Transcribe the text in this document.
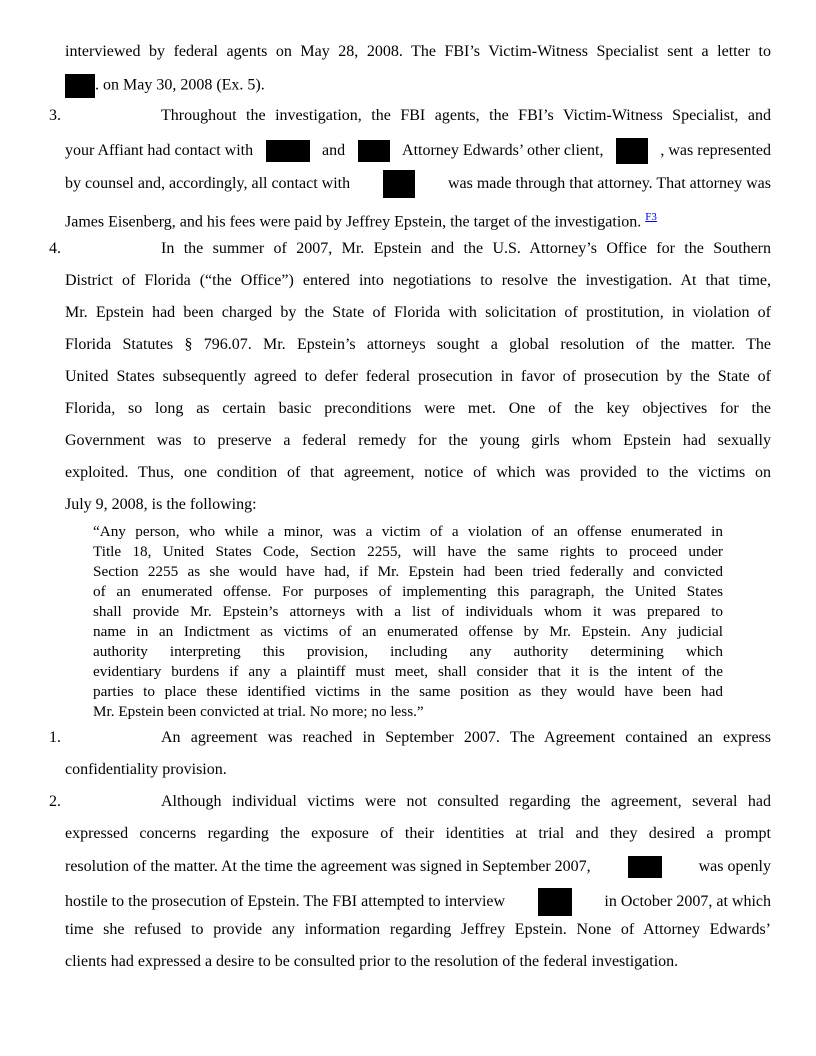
interviewed by federal agents on May 28, 2008. The FBI’s Victim-Witness Specialist sent a letter to
. on May 30, 2008 (Ex. 5).
3.	Throughout the investigation, the FBI agents, the FBI’s Victim-Witness Specialist, and
your Affiant had contact with	and	Attorney Edwards’ other client,	, was represented
by counsel and, accordingly, all contact with	was made through that attorney. That attorney was
James Eisenberg, and his fees were paid by Jeffrey Epstein, the target of the investigation. $^{F3}$
4.	In the summer of 2007, Mr. Epstein and the U.S. Attorney’s Office for the Southern
District of Florida (“the Office”) entered into negotiations to resolve the investigation. At that time,
Mr. Epstein had been charged by the State of Florida with solicitation of prostitution, in violation of
Florida Statutes § 796.07. Mr. Epstein’s attorneys sought a global resolution of the matter. The
United States subsequently agreed to defer federal prosecution in favor of prosecution by the State of
Florida, so long as certain basic preconditions were met. One of the key objectives for the
Government was to preserve a federal remedy for the young girls whom Epstein had sexually
exploited. Thus, one condition of that agreement, notice of which was provided to the victims on
July 9, 2008, is the following:
“Any person, who while a minor, was a victim of a violation of an offense enumerated in
Title 18, United States Code, Section 2255, will have the same rights to proceed under
Section 2255 as she would have had, if Mr. Epstein had been tried federally and convicted
of an enumerated offense. For purposes of implementing this paragraph, the United States
shall provide Mr. Epstein’s attorneys with a list of individuals whom it was prepared to
name in an Indictment as victims of an enumerated offense by Mr. Epstein. Any judicial
authority interpreting this provision, including any authority determining which
evidentiary burdens if any a plaintiff must meet, shall consider that it is the intent of the
parties to place these identified victims in the same position as they would have been had
Mr. Epstein been convicted at trial. No more; no less.”
1.	An agreement was reached in September 2007. The Agreement contained an express
confidentiality provision.
2.	Although individual victims were not consulted regarding the agreement, several had
expressed concerns regarding the exposure of their identities at trial and they desired a prompt
resolution of the matter. At the time the agreement was signed in September 2007,	was openly
hostile to the prosecution of Epstein. The FBI attempted to interview	in October 2007, at which
time she refused to provide any information regarding Jeffrey Epstein. None of Attorney Edwards’
clients had expressed a desire to be consulted prior to the resolution of the federal investigation.
